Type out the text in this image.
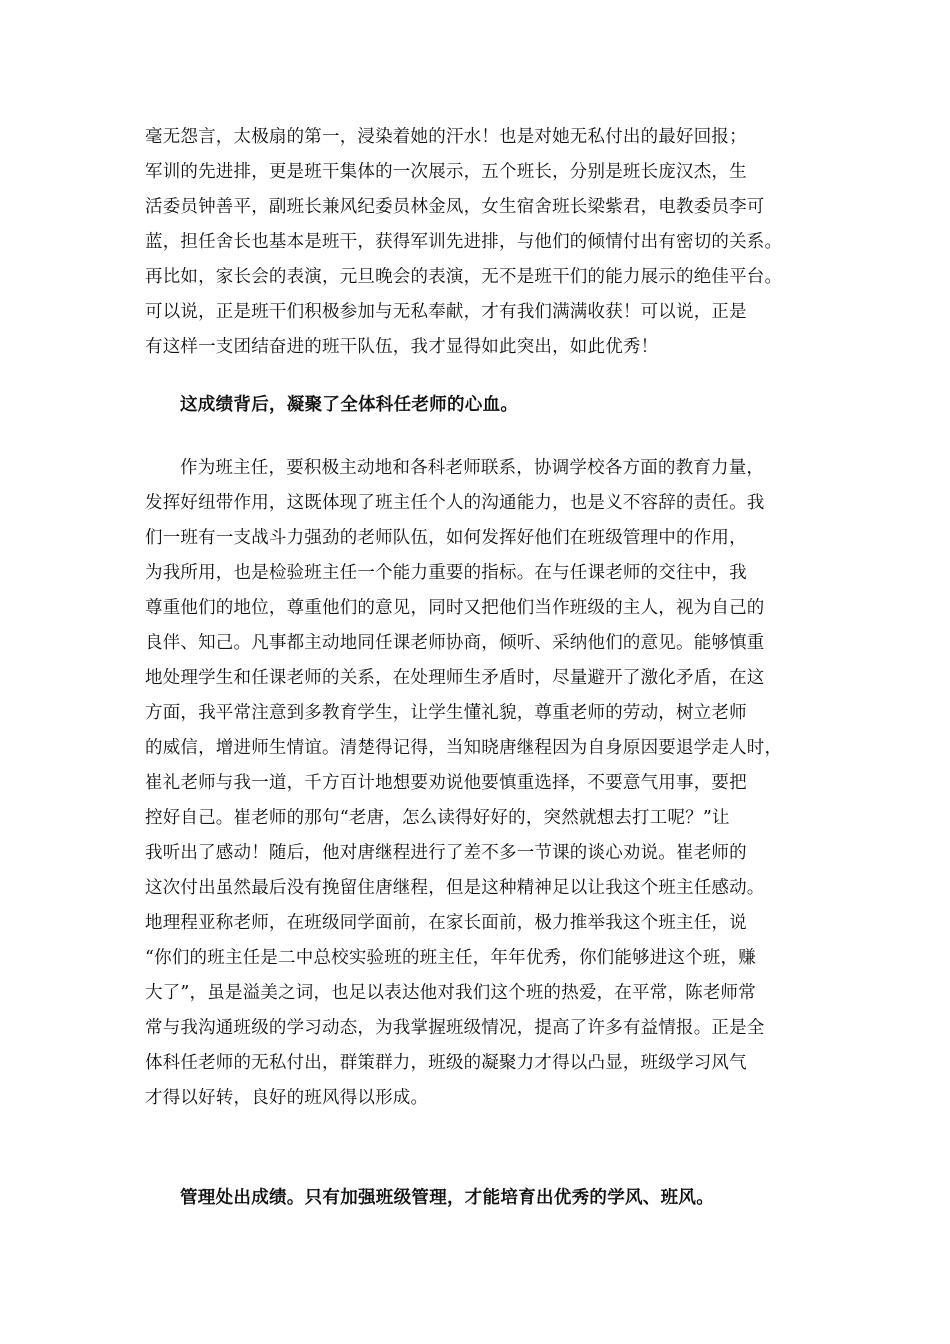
毫无怨言，太极扇的第一，浸染着她的汗水！也是对她无私付出的最好回报；
军训的先进排，更是班干集体的一次展示，五个班长，分别是班长庞汉杰，生
活委员钟善平，副班长兼风纪委员林金凤，女生宿舍班长梁紫君，电教委员李可
蓝，担任舍长也基本是班干，获得军训先进排，与他们的倾情付出有密切的关系。
再比如，家长会的表演，元旦晚会的表演，无不是班干们的能力展示的绝佳平台。
可以说，正是班干们积极参加与无私奉献，才有我们满满收获！可以说，正是
有这样一支团结奋进的班干队伍，我才显得如此突出，如此优秀！
这成绩背后，凝聚了全体科任老师的心血。
作为班主任，要积极主动地和各科老师联系，协调学校各方面的教育力量，
发挥好纽带作用，这既体现了班主任个人的沟通能力，也是义不容辞的责任。我
们一班有一支战斗力强劲的老师队伍，如何发挥好他们在班级管理中的作用，
为我所用，也是检验班主任一个能力重要的指标。在与任课老师的交往中，我
尊重他们的地位，尊重他们的意见，同时又把他们当作班级的主人，视为自己的
良伴、知己。凡事都主动地同任课老师协商，倾听、采纳他们的意见。能够慎重
地处理学生和任课老师的关系，在处理师生矛盾时，尽量避开了激化矛盾，在这
方面，我平常注意到多教育学生，让学生懂礼貌，尊重老师的劳动，树立老师
的威信，增进师生情谊。清楚得记得，当知晓唐继程因为自身原因要退学走人时，
崔礼老师与我一道，千方百计地想要劝说他要慎重选择，不要意气用事，要把
控好自己。崔老师的那句“老唐，怎么读得好好的，突然就想去打工呢？”让
我听出了感动！随后，他对唐继程进行了差不多一节课的谈心劝说。崔老师的
这次付出虽然最后没有挽留住唐继程，但是这种精神足以让我这个班主任感动。
地理程亚称老师，在班级同学面前，在家长面前，极力推举我这个班主任，说
“你们的班主任是二中总校实验班的班主任，年年优秀，你们能够进这个班，赚
大了”，虽是溢美之词，也足以表达他对我们这个班的热爱，在平常，陈老师常
常与我沟通班级的学习动态，为我掌握班级情况，提高了许多有益情报。正是全
体科任老师的无私付出，群策群力，班级的凝聚力才得以凸显，班级学习风气
才得以好转，良好的班风得以形成。
管理处出成绩。只有加强班级管理，才能培育出优秀的学风、班风。
